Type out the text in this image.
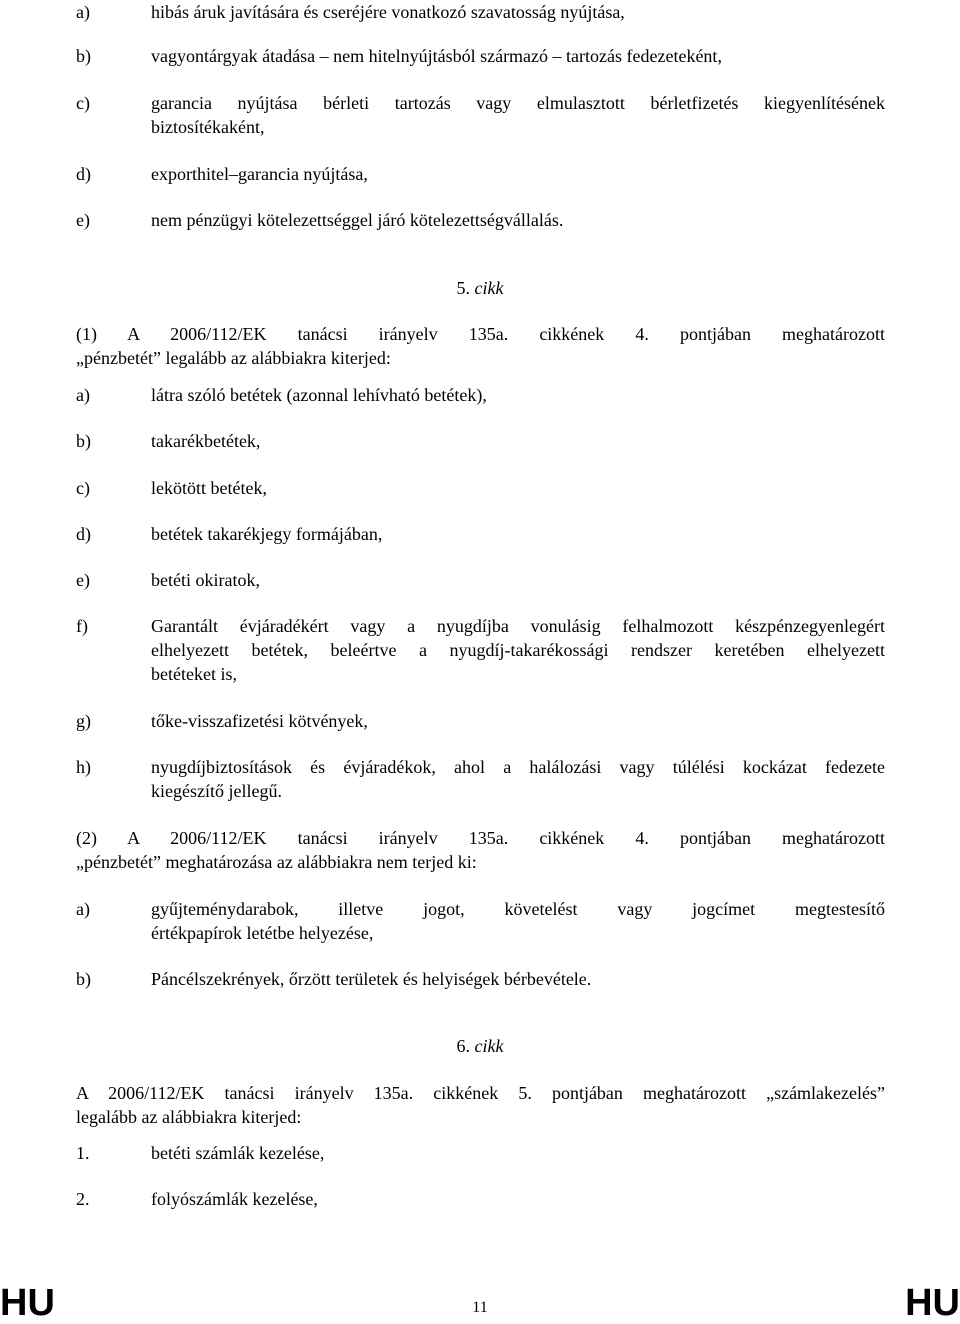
a)	hibás áruk javítására és cseréjére vonatkozó szavatosság nyújtása,
b)	vagyontárgyak átadása – nem hitelnyújtásból származó – tartozás fedezeteként,
c)	garancia nyújtása bérleti tartozás vagy elmulasztott bérletfizetés kiegyenlítésének
biztosítékaként,
d)	exporthitel–garancia nyújtása,
e)	nem pénzügyi kötelezettséggel járó kötelezettségvállalás.
5. cikk
(1) A 2006/112/EK tanácsi irányelv 135a. cikkének 4. pontjában meghatározott
„pénzbetét” legalább az alábbiakra kiterjed:
a)	látra szóló betétek (azonnal lehívható betétek),
b)	takarékbetétek,
c)	lekötött betétek,
d)	betétek takarékjegy formájában,
e)	betéti okiratok,
f)	Garantált évjáradékért vagy a nyugdíjba vonulásig felhalmozott készpénzegyenlegért
elhelyezett betétek, beleértve a nyugdíj-takarékossági rendszer keretében elhelyezett
betéteket is,
g)	tőke-visszafizetési kötvények,
h)	nyugdíjbiztosítások és évjáradékok, ahol a halálozási vagy túlélési kockázat fedezete
kiegészítő jellegű.
(2) A 2006/112/EK tanácsi irányelv 135a. cikkének 4. pontjában meghatározott
„pénzbetét” meghatározása az alábbiakra nem terjed ki:
a)	gyűjteménydarabok, illetve jogot, követelést vagy jogcímet megtestesítő
értékpapírok letétbe helyezése,
b)	Páncélszekrények, őrzött területek és helyiségek bérbevétele.
6. cikk
A 2006/112/EK tanácsi irányelv 135a. cikkének 5. pontjában meghatározott „számlakezelés”
legalább az alábbiakra kiterjed:
1.	betéti számlák kezelése,
2.	folyószámlák kezelése,
HU	11	HU
